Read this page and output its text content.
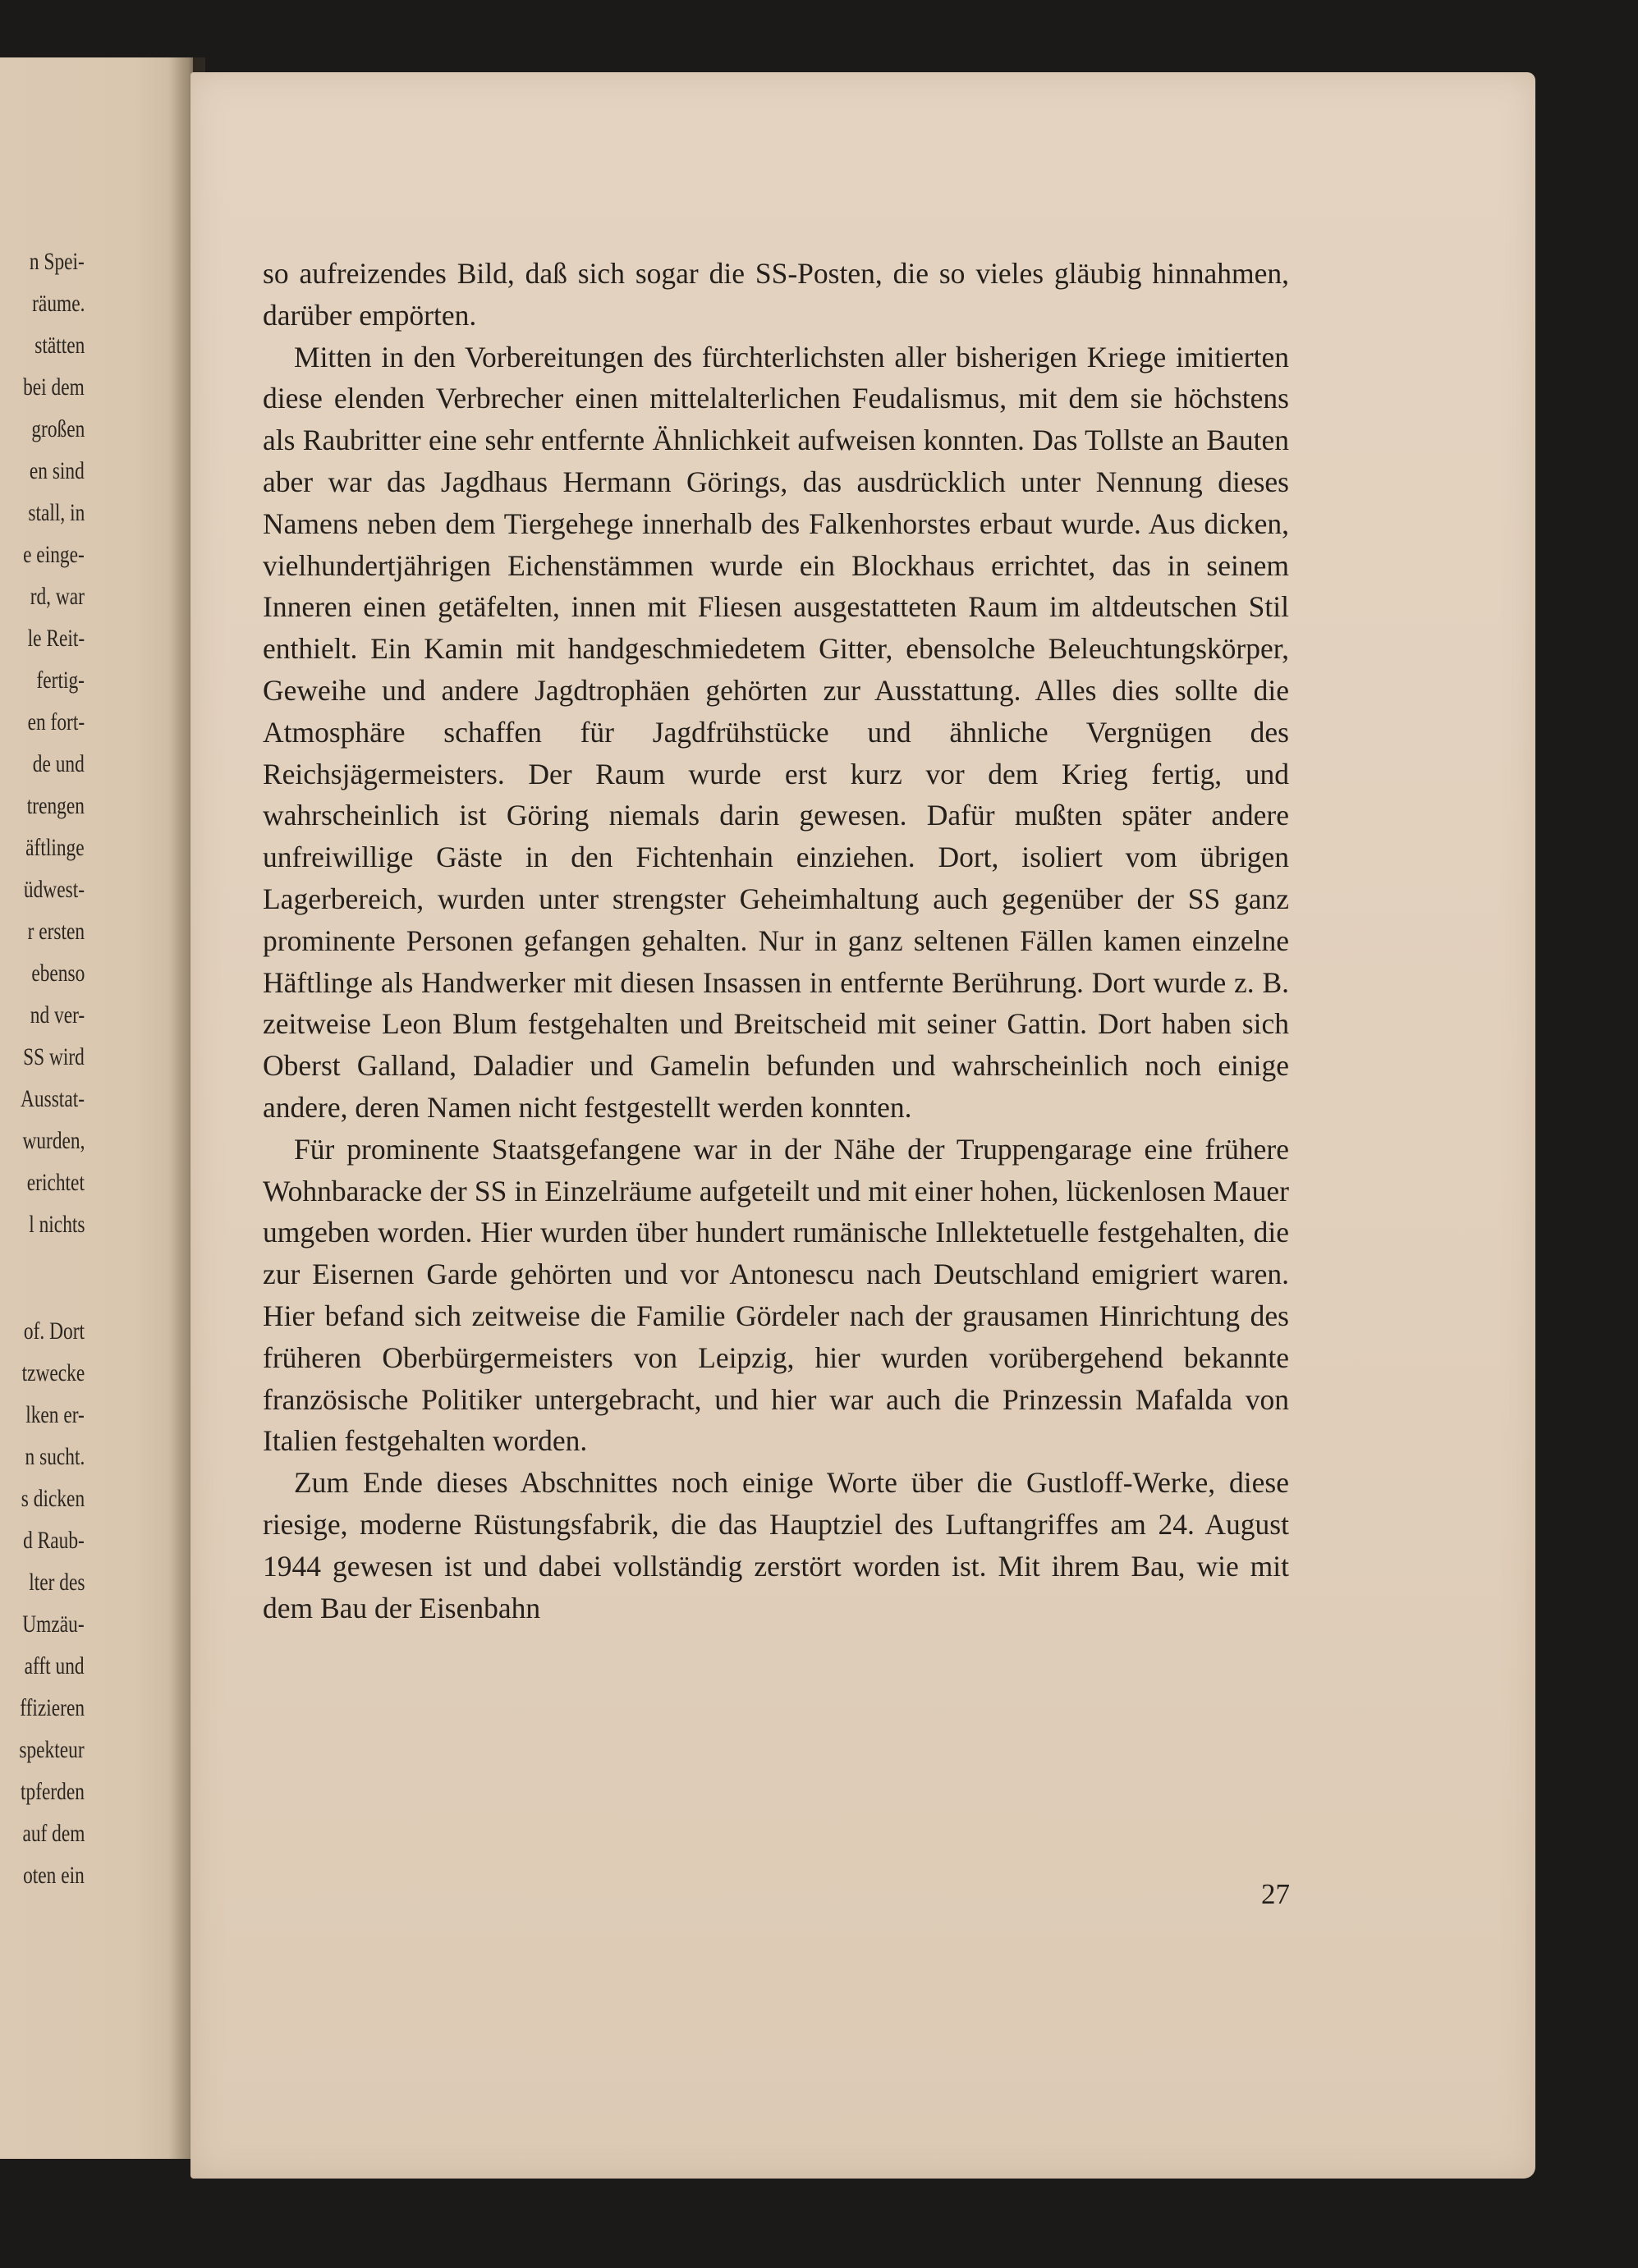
n Spei-
räume.
stätten
bei dem
großen
en sind
stall, in
e einge-
rd, war
le Reit-
fertig-
en fort-
de und
trengen
äftlinge
üdwest-
r ersten
ebenso
nd ver-
SS wird
Ausstat-
wurden,
erichtet
l nichts
of. Dort
tzwecke
lken er-
n sucht.
s dicken
d Raub-
lter des
Umzäu-
afft und
ffizieren
spekteur
tpferden
auf dem
oten ein

so aufreizendes Bild, daß sich sogar die SS-Posten, die so vieles gläubig hinnahmen, darüber empörten.

Mitten in den Vorbereitungen des fürchterlichsten aller bisherigen Kriege imitierten diese elenden Verbrecher einen mittelalterlichen Feudalismus, mit dem sie höchstens als Raubritter eine sehr entfernte Ähnlichkeit aufweisen konnten. Das Tollste an Bauten aber war das Jagdhaus Hermann Görings, das ausdrücklich unter Nennung dieses Namens neben dem Tiergehege innerhalb des Falkenhorstes erbaut wurde. Aus dicken, vielhundertjährigen Eichenstämmen wurde ein Blockhaus errichtet, das in seinem Inneren einen getäfelten, innen mit Fliesen ausgestatteten Raum im altdeutschen Stil enthielt. Ein Kamin mit handgeschmiedetem Gitter, ebensolche Beleuchtungskörper, Geweihe und andere Jagdtrophäen gehörten zur Ausstattung. Alles dies sollte die Atmosphäre schaffen für Jagdfrühstücke und ähnliche Vergnügen des Reichsjägermeisters. Der Raum wurde erst kurz vor dem Krieg fertig, und wahrscheinlich ist Göring niemals darin gewesen. Dafür mußten später andere unfreiwillige Gäste in den Fichtenhain einziehen. Dort, isoliert vom übrigen Lagerbereich, wurden unter strengster Geheimhaltung auch gegenüber der SS ganz prominente Personen gefangen gehalten. Nur in ganz seltenen Fällen kamen einzelne Häftlinge als Handwerker mit diesen Insassen in entfernte Berührung. Dort wurde z. B. zeitweise Leon Blum festgehalten und Breitscheid mit seiner Gattin. Dort haben sich Oberst Galland, Daladier und Gamelin befunden und wahrscheinlich noch einige andere, deren Namen nicht festgestellt werden konnten.

Für prominente Staatsgefangene war in der Nähe der Truppengarage eine frühere Wohnbaracke der SS in Einzelräume aufgeteilt und mit einer hohen, lückenlosen Mauer umgeben worden. Hier wurden über hundert rumänische Inllektetuelle festgehalten, die zur Eisernen Garde gehörten und vor Antonescu nach Deutschland emigriert waren. Hier befand sich zeitweise die Familie Gördeler nach der grausamen Hinrichtung des früheren Oberbürgermeisters von Leipzig, hier wurden vorübergehend bekannte französische Politiker untergebracht, und hier war auch die Prinzessin Mafalda von Italien festgehalten worden.

Zum Ende dieses Abschnittes noch einige Worte über die Gustloff-Werke, diese riesige, moderne Rüstungsfabrik, die das Hauptziel des Luftangriffes am 24. August 1944 gewesen ist und dabei vollständig zerstört worden ist. Mit ihrem Bau, wie mit dem Bau der Eisenbahn

27
